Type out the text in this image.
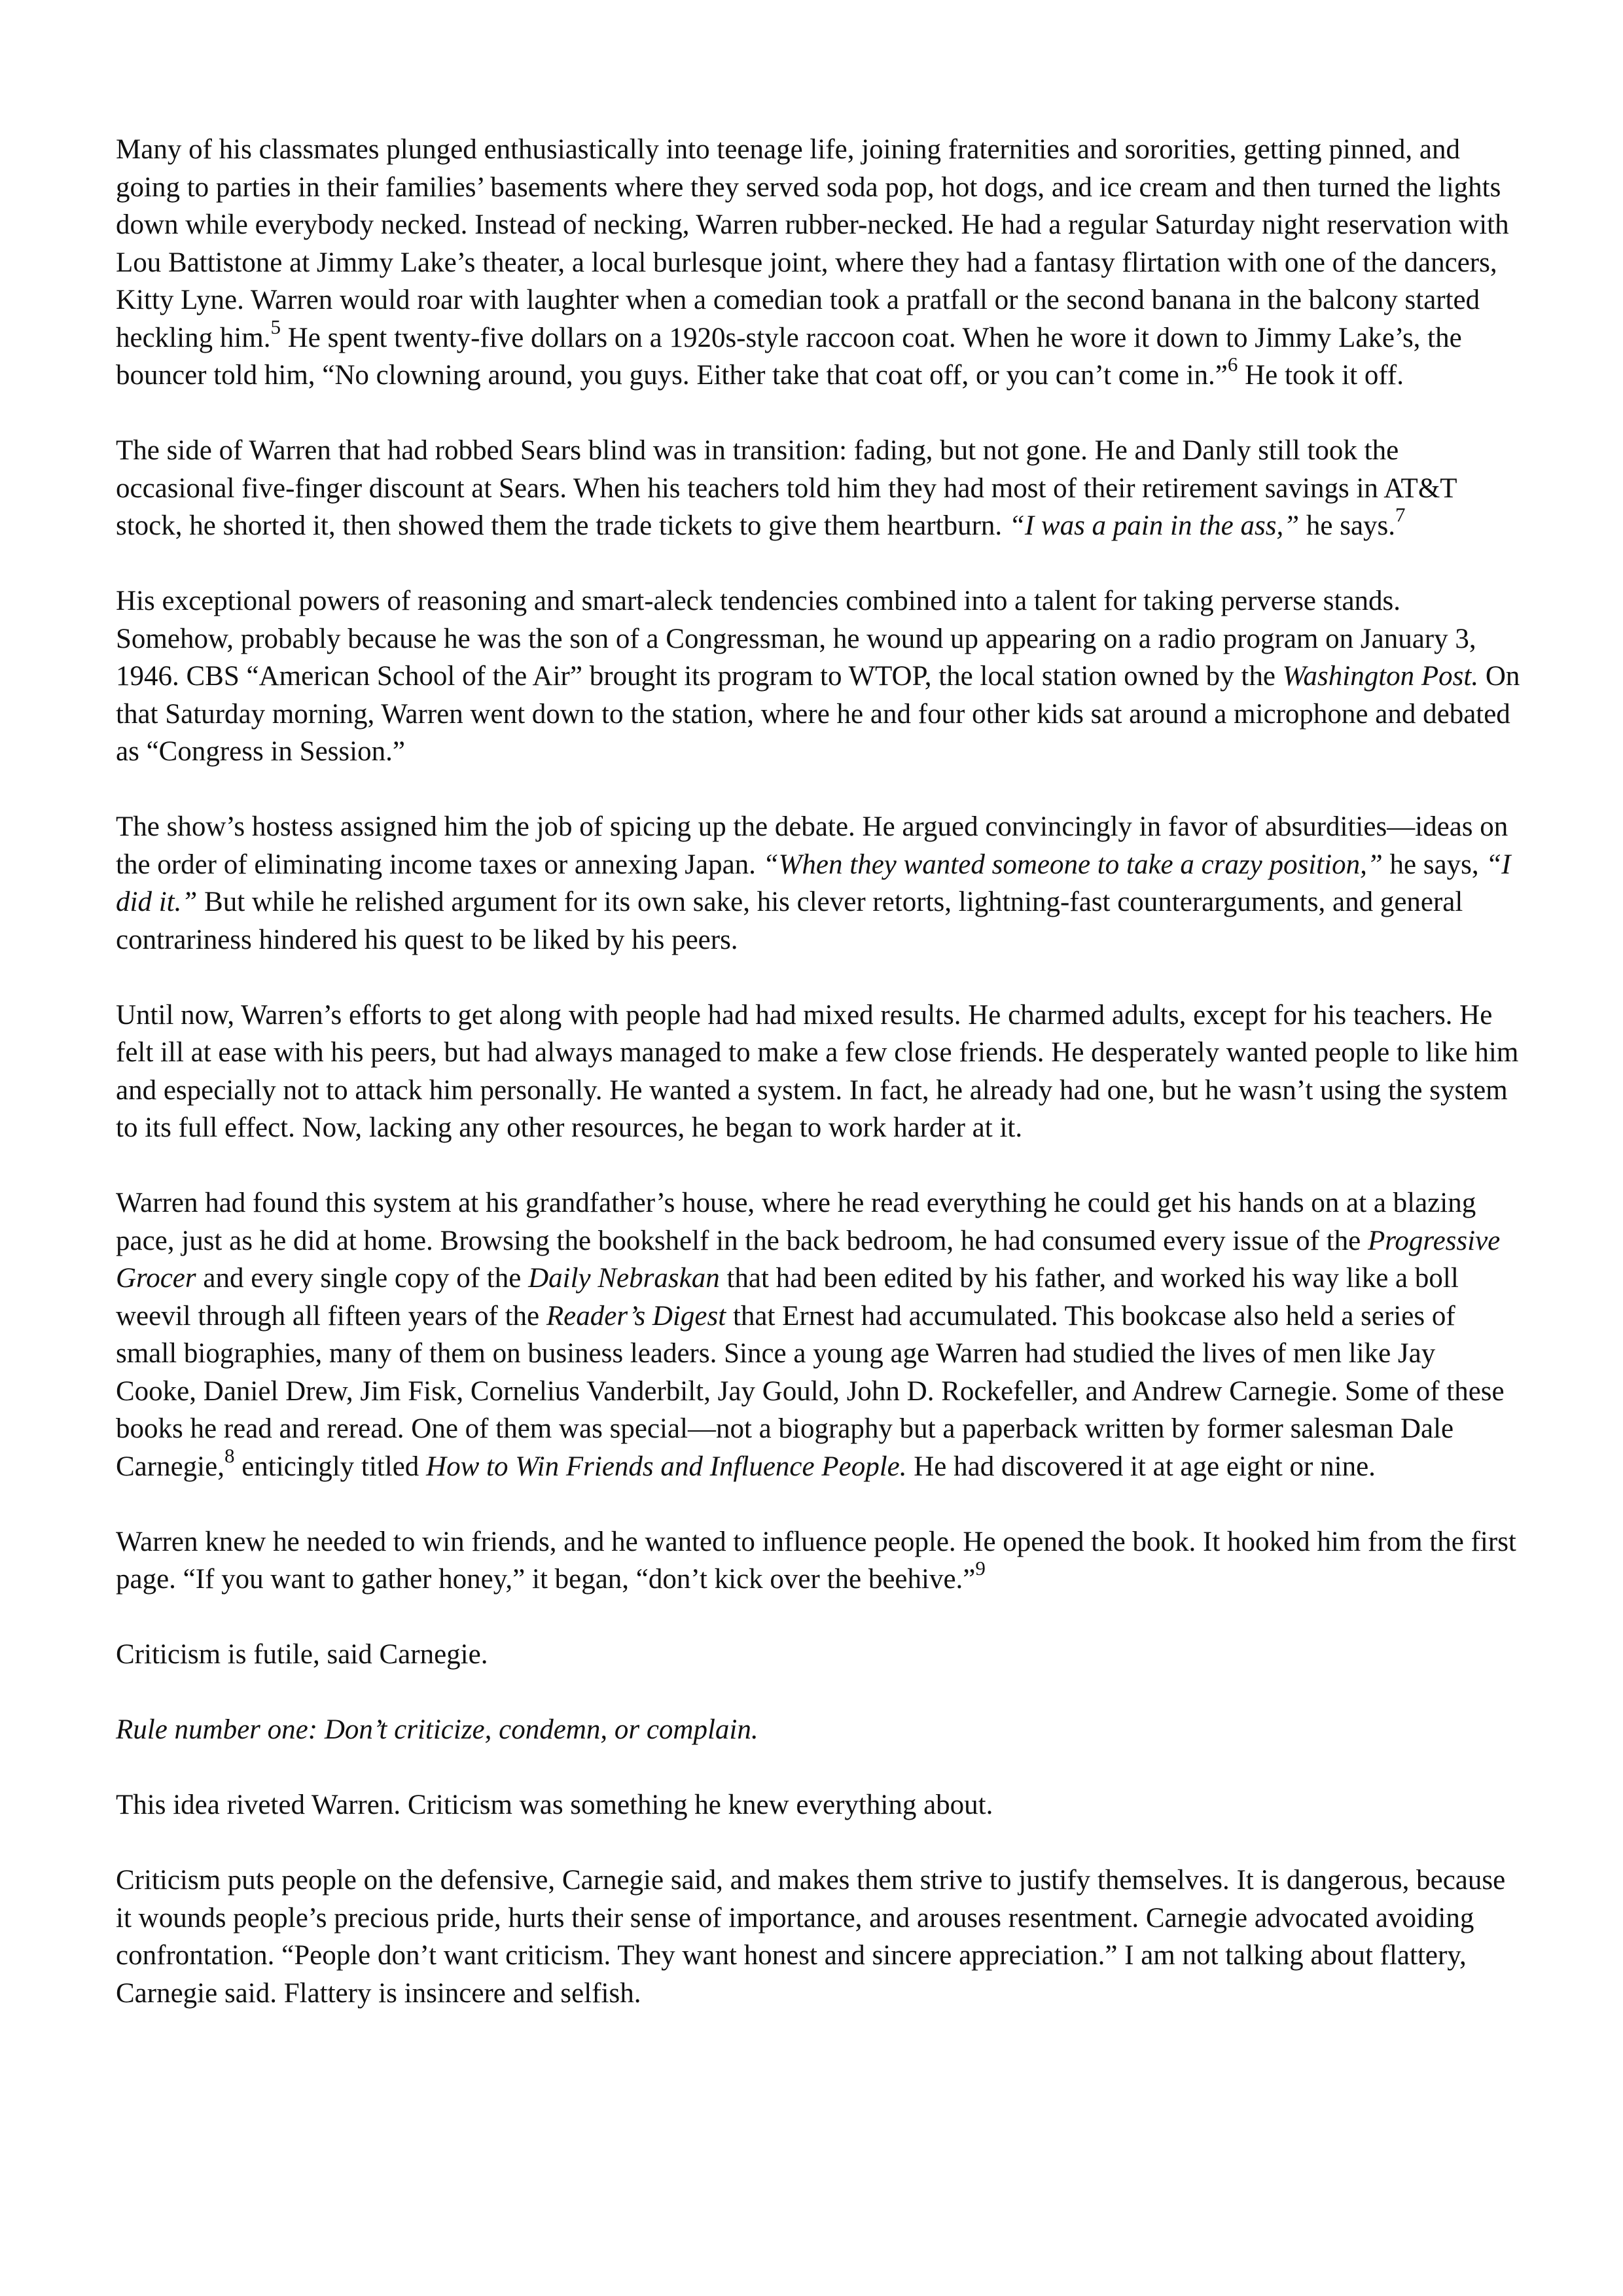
Many of his classmates plunged enthusiastically into teenage life, joining fraternities and sororities, getting pinned, and going to parties in their families’ basements where they served soda pop, hot dogs, and ice cream and then turned the lights down while everybody necked. Instead of necking, Warren rubber-necked. He had a regular Saturday night reservation with Lou Battistone at Jimmy Lake’s theater, a local burlesque joint, where they had a fantasy flirtation with one of the dancers, Kitty Lyne. Warren would roar with laughter when a comedian took a pratfall or the second banana in the balcony started heckling him.$^5$ He spent twenty-five dollars on a 1920s-style raccoon coat. When he wore it down to Jimmy Lake’s, the bouncer told him, “No clowning around, you guys. Either take that coat off, or you can’t come in.”$^6$ He took it off.

The side of Warren that had robbed Sears blind was in transition: fading, but not gone. He and Danly still took the occasional five-finger discount at Sears. When his teachers told him they had most of their retirement savings in AT&T stock, he shorted it, then showed them the trade tickets to give them heartburn. “I was a pain in the ass,” he says.$^7$

His exceptional powers of reasoning and smart-aleck tendencies combined into a talent for taking perverse stands. Somehow, probably because he was the son of a Congressman, he wound up appearing on a radio program on January 3, 1946. CBS “American School of the Air” brought its program to WTOP, the local station owned by the Washington Post. On that Saturday morning, Warren went down to the station, where he and four other kids sat around a microphone and debated as “Congress in Session.”

The show’s hostess assigned him the job of spicing up the debate. He argued convincingly in favor of absurdities—ideas on the order of eliminating income taxes or annexing Japan. “When they wanted someone to take a crazy position,” he says, “I did it.” But while he relished argument for its own sake, his clever retorts, lightning-fast counterarguments, and general contrariness hindered his quest to be liked by his peers.

Until now, Warren’s efforts to get along with people had had mixed results. He charmed adults, except for his teachers. He felt ill at ease with his peers, but had always managed to make a few close friends. He desperately wanted people to like him and especially not to attack him personally. He wanted a system. In fact, he already had one, but he wasn’t using the system to its full effect. Now, lacking any other resources, he began to work harder at it.

Warren had found this system at his grandfather’s house, where he read everything he could get his hands on at a blazing pace, just as he did at home. Browsing the bookshelf in the back bedroom, he had consumed every issue of the Progressive Grocer and every single copy of the Daily Nebraskan that had been edited by his father, and worked his way like a boll weevil through all fifteen years of the Reader’s Digest that Ernest had accumulated. This bookcase also held a series of small biographies, many of them on business leaders. Since a young age Warren had studied the lives of men like Jay Cooke, Daniel Drew, Jim Fisk, Cornelius Vanderbilt, Jay Gould, John D. Rockefeller, and Andrew Carnegie. Some of these books he read and reread. One of them was special—not a biography but a paperback written by former salesman Dale Carnegie,$^8$ enticingly titled How to Win Friends and Influence People. He had discovered it at age eight or nine.

Warren knew he needed to win friends, and he wanted to influence people. He opened the book. It hooked him from the first page. “If you want to gather honey,” it began, “don’t kick over the beehive.”$^9$

Criticism is futile, said Carnegie.

Rule number one: Don’t criticize, condemn, or complain.

This idea riveted Warren. Criticism was something he knew everything about.

Criticism puts people on the defensive, Carnegie said, and makes them strive to justify themselves. It is dangerous, because it wounds people’s precious pride, hurts their sense of importance, and arouses resentment. Carnegie advocated avoiding confrontation. “People don’t want criticism. They want honest and sincere appreciation.” I am not talking about flattery, Carnegie said. Flattery is insincere and selfish.
